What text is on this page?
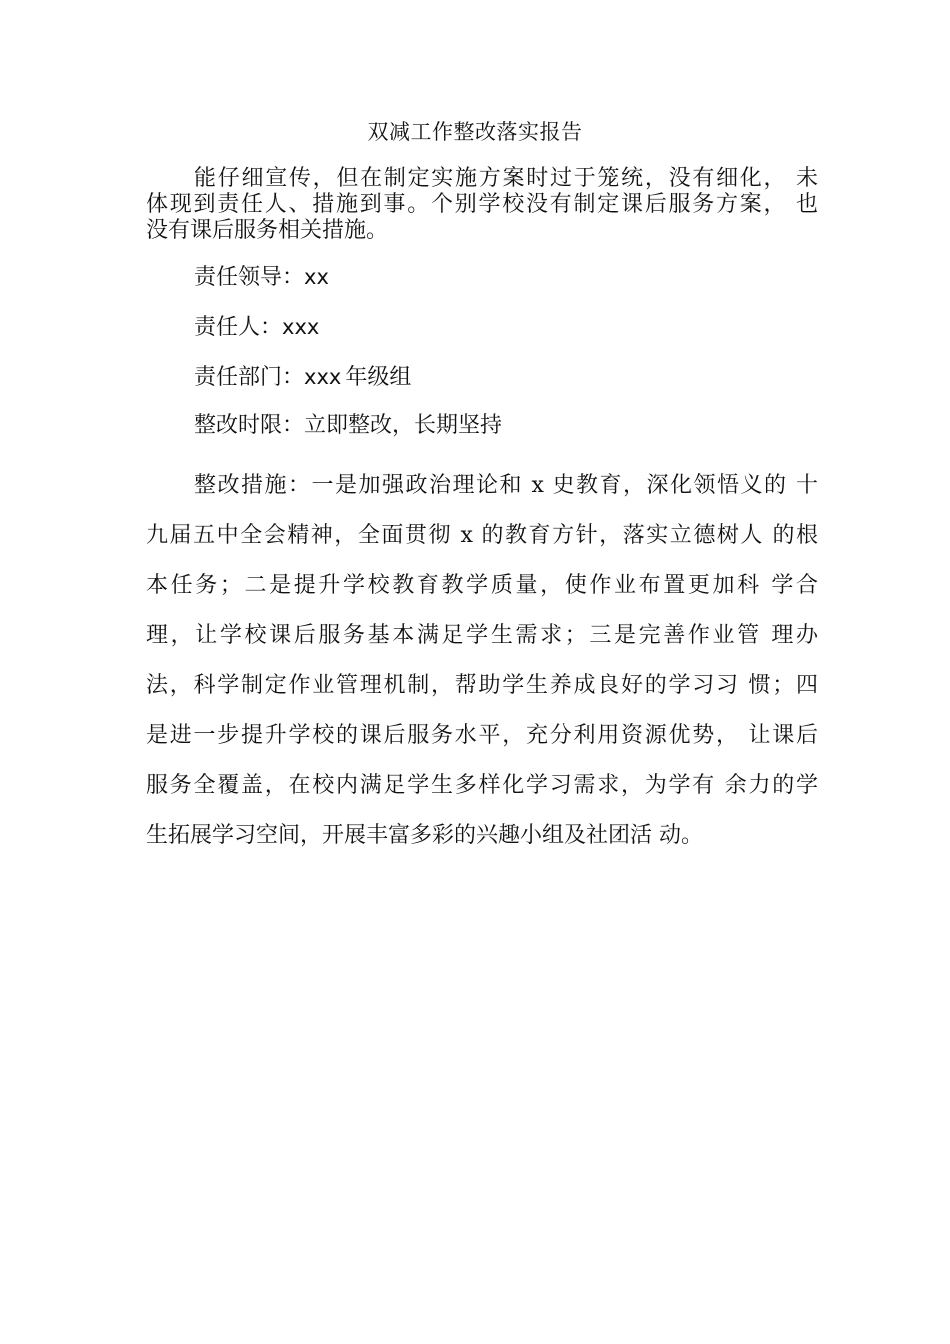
双减工作整改落实报告
能仔细宣传，但在制定实施方案时过于笼统，没有细化， 未
体现到责任人、措施到事。个别学校没有制定课后服务方案， 也
没有课后服务相关措施。
责任领导：xx
责任人：xxx
责任部门：xxx 年级组
整改时限：立即整改，长期坚持
整改措施：一是加强政治理论和 x 史教育，深化领悟义的 十
九届五中全会精神，全面贯彻 x 的教育方针，落实立德树人 的根
本任务；二是提升学校教育教学质量，使作业布置更加科 学合
理，让学校课后服务基本满足学生需求；三是完善作业管 理办
法，科学制定作业管理机制，帮助学生养成良好的学习习 惯；四
是进一步提升学校的课后服务水平，充分利用资源优势， 让课后
服务全覆盖，在校内满足学生多样化学习需求，为学有 余力的学
生拓展学习空间，开展丰富多彩的兴趣小组及社团活 动。
